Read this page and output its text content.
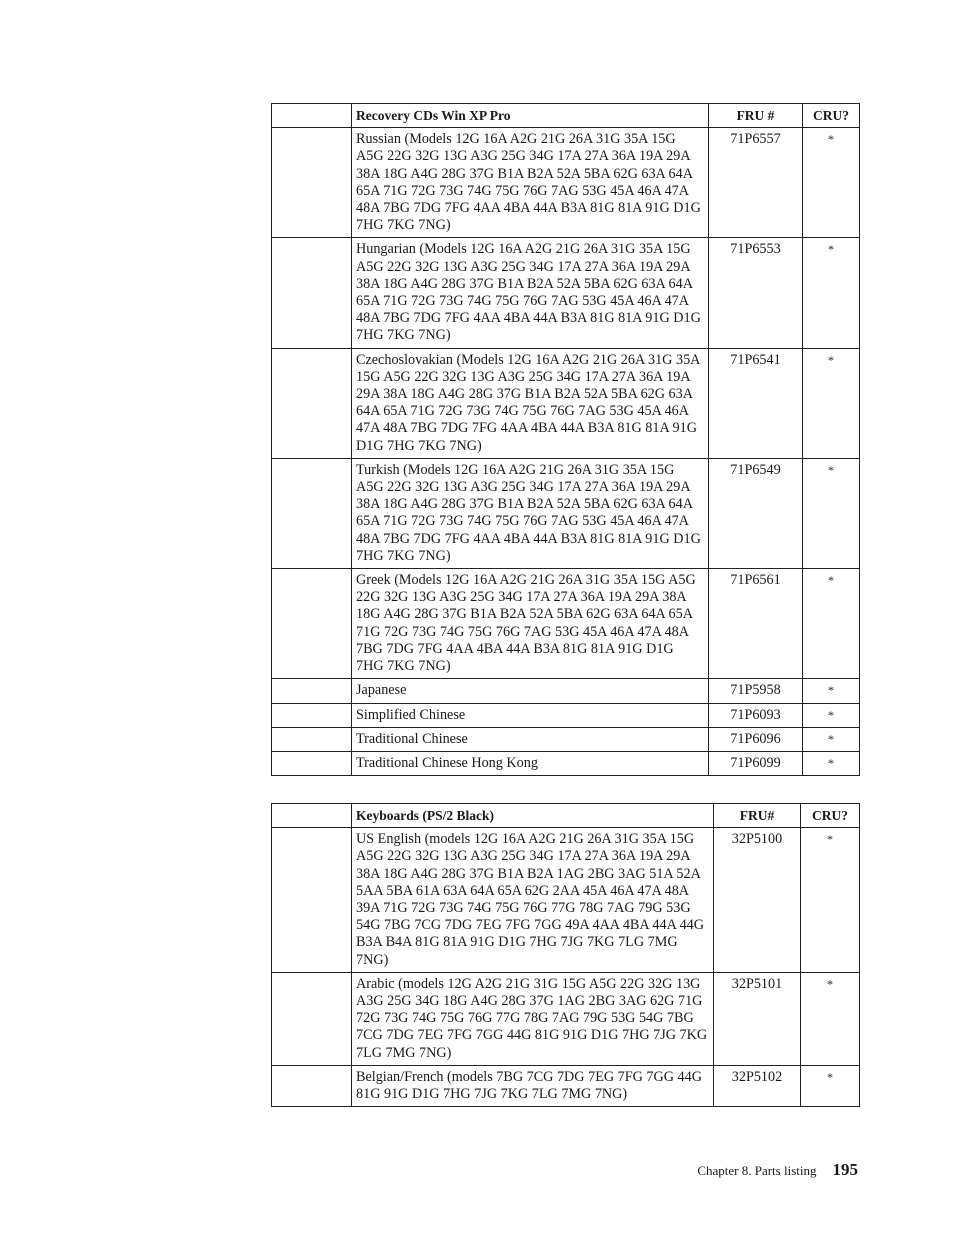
	Recovery CDs Win XP Pro	FRU #	CRU?
	Russian (Models 12G 16A A2G 21G 26A 31G 35A 15G A5G 22G 32G 13G A3G 25G 34G 17A 27A 36A 19A 29A 38A 18G A4G 28G 37G B1A B2A 52A 5BA 62G 63A 64A 65A 71G 72G 73G 74G 75G 76G 7AG 53G 45A 46A 47A 48A 7BG 7DG 7FG 4AA 4BA 44A B3A 81G 81A 91G D1G 7HG 7KG 7NG)	71P6557	*
	Hungarian (Models 12G 16A A2G 21G 26A 31G 35A 15G A5G 22G 32G 13G A3G 25G 34G 17A 27A 36A 19A 29A 38A 18G A4G 28G 37G B1A B2A 52A 5BA 62G 63A 64A 65A 71G 72G 73G 74G 75G 76G 7AG 53G 45A 46A 47A 48A 7BG 7DG 7FG 4AA 4BA 44A B3A 81G 81A 91G D1G 7HG 7KG 7NG)	71P6553	*
	Czechoslovakian (Models 12G 16A A2G 21G 26A 31G 35A 15G A5G 22G 32G 13G A3G 25G 34G 17A 27A 36A 19A 29A 38A 18G A4G 28G 37G B1A B2A 52A 5BA 62G 63A 64A 65A 71G 72G 73G 74G 75G 76G 7AG 53G 45A 46A 47A 48A 7BG 7DG 7FG 4AA 4BA 44A B3A 81G 81A 91G D1G 7HG 7KG 7NG)	71P6541	*
	Turkish (Models 12G 16A A2G 21G 26A 31G 35A 15G A5G 22G 32G 13G A3G 25G 34G 17A 27A 36A 19A 29A 38A 18G A4G 28G 37G B1A B2A 52A 5BA 62G 63A 64A 65A 71G 72G 73G 74G 75G 76G 7AG 53G 45A 46A 47A 48A 7BG 7DG 7FG 4AA 4BA 44A B3A 81G 81A 91G D1G 7HG 7KG 7NG)	71P6549	*
	Greek (Models 12G 16A A2G 21G 26A 31G 35A 15G A5G 22G 32G 13G A3G 25G 34G 17A 27A 36A 19A 29A 38A 18G A4G 28G 37G B1A B2A 52A 5BA 62G 63A 64A 65A 71G 72G 73G 74G 75G 76G 7AG 53G 45A 46A 47A 48A 7BG 7DG 7FG 4AA 4BA 44A B3A 81G 81A 91G D1G 7HG 7KG 7NG)	71P6561	*
	Japanese	71P5958	*
	Simplified Chinese	71P6093	*
	Traditional Chinese	71P6096	*
	Traditional Chinese Hong Kong	71P6099	*
	Keyboards (PS/2 Black)	FRU#	CRU?
	US English (models 12G 16A A2G 21G 26A 31G 35A 15G A5G 22G 32G 13G A3G 25G 34G 17A 27A 36A 19A 29A 38A 18G A4G 28G 37G B1A B2A 1AG 2BG 3AG 51A 52A 5AA 5BA 61A 63A 64A 65A 62G 2AA 45A 46A 47A 48A 39A 71G 72G 73G 74G 75G 76G 77G 78G 7AG 79G 53G 54G 7BG 7CG 7DG 7EG 7FG 7GG 49A 4AA 4BA 44A 44G B3A B4A 81G 81A 91G D1G 7HG 7JG 7KG 7LG 7MG 7NG)	32P5100	*
	Arabic (models 12G A2G 21G 31G 15G A5G 22G 32G 13G A3G 25G 34G 18G A4G 28G 37G 1AG 2BG 3AG 62G 71G 72G 73G 74G 75G 76G 77G 78G 7AG 79G 53G 54G 7BG 7CG 7DG 7EG 7FG 7GG 44G 81G 91G D1G 7HG 7JG 7KG 7LG 7MG 7NG)	32P5101	*
	Belgian/French (models 7BG 7CG 7DG 7EG 7FG 7GG 44G 81G 91G D1G 7HG 7JG 7KG 7LG 7MG 7NG)	32P5102	*
Chapter 8. Parts listing 195
